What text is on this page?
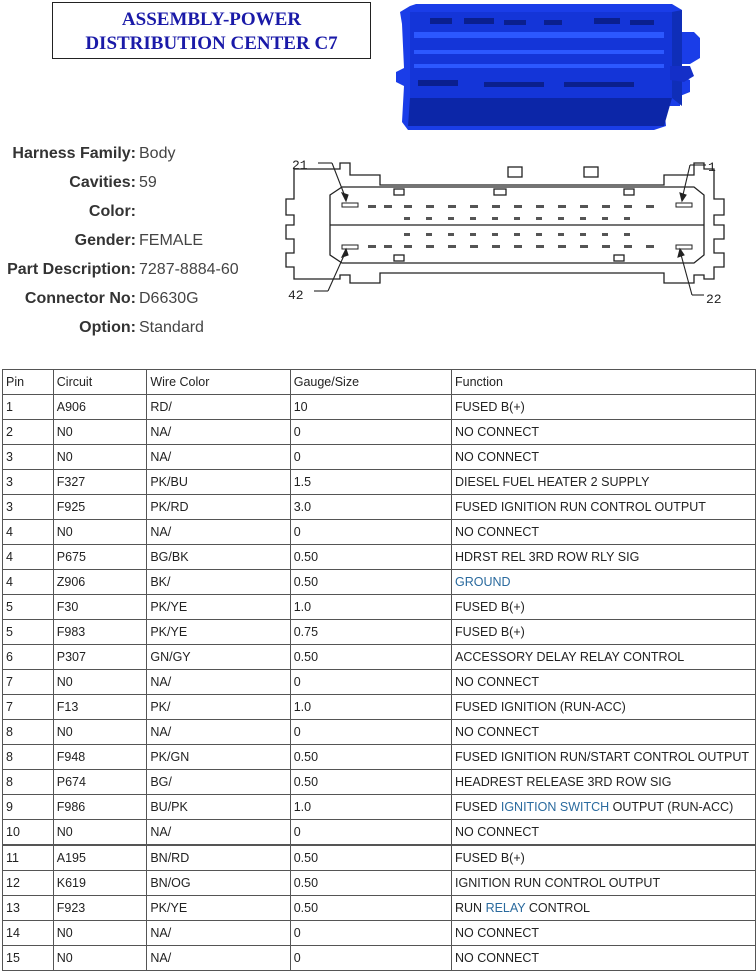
ASSEMBLY-POWER
DISTRIBUTION CENTER C7
Harness Family: Body
Cavities: 59
Color:
Gender: FEMALE
Part Description: 7287-8884-60
Connector No: D6630G
Option: Standard
21	1
42	22
Pin	Circuit	Wire Color	Gauge/Size	Function
1	A906	RD/	10	FUSED B(+)
2	N0	NA/	0	NO CONNECT
3	N0	NA/	0	NO CONNECT
3	F327	PK/BU	1.5	DIESEL FUEL HEATER 2 SUPPLY
3	F925	PK/RD	3.0	FUSED IGNITION RUN CONTROL OUTPUT
4	N0	NA/	0	NO CONNECT
4	P675	BG/BK	0.50	HDRST REL 3RD ROW RLY SIG
4	Z906	BK/	0.50	GROUND
5	F30	PK/YE	1.0	FUSED B(+)
5	F983	PK/YE	0.75	FUSED B(+)
6	P307	GN/GY	0.50	ACCESSORY DELAY RELAY CONTROL
7	N0	NA/	0	NO CONNECT
7	F13	PK/	1.0	FUSED IGNITION (RUN-ACC)
8	N0	NA/	0	NO CONNECT
8	F948	PK/GN	0.50	FUSED IGNITION RUN/START CONTROL OUTPUT
8	P674	BG/	0.50	HEADREST RELEASE 3RD ROW SIG
9	F986	BU/PK	1.0	FUSED IGNITION SWITCH OUTPUT (RUN-ACC)
10	N0	NA/	0	NO CONNECT
11	A195	BN/RD	0.50	FUSED B(+)
12	K619	BN/OG	0.50	IGNITION RUN CONTROL OUTPUT
13	F923	PK/YE	0.50	RUN RELAY CONTROL
14	N0	NA/	0	NO CONNECT
15	N0	NA/	0	NO CONNECT
